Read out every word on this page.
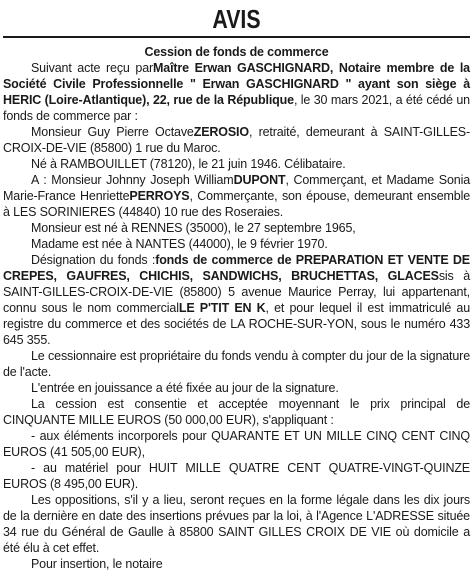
AVIS
Cession de fonds de commerce

Suivant acte reçu parMaître Erwan GASCHIGNARD, Notaire membre de la Société Civile Professionnelle " Erwan GASCHIGNARD " ayant son siège à HERIC (Loire-Atlantique), 22, rue de la République, le 30 mars 2021, a été cédé un fonds de commerce par :

Monsieur Guy Pierre OctaveZEROSIO, retraité, demeurant à SAINT-GILLES-CROIX-DE-VIE (85800) 1 rue du Maroc.

Né à RAMBOUILLET (78120), le 21 juin 1946. Célibataire.

A : Monsieur Johnny Joseph WilliamDUPONT, Commerçant, et Madame Sonia Marie-France HenriettePERROYS, Commerçante, son épouse, demeurant ensemble à LES SORINIERES (44840) 10 rue des Roseraies.

Monsieur est né à RENNES (35000), le 27 septembre 1965,

Madame est née à NANTES (44000), le 9 février 1970.

Désignation du fonds :fonds de commerce de PREPARATION ET VENTE DE CREPES, GAUFRES, CHICHIS, SANDWICHS, BRUCHETTAS, GLACESsis à SAINT-GILLES-CROIX-DE-VIE (85800) 5 avenue Maurice Perray, lui appartenant, connu sous le nom commercialLE P'TIT EN K, et pour lequel il est immatriculé au registre du commerce et des sociétés de LA ROCHE-SUR-YON, sous le numéro 433 645 355.

Le cessionnaire est propriétaire du fonds vendu à compter du jour de la signature de l'acte.

L'entrée en jouissance a été fixée au jour de la signature.

La cession est consentie et acceptée moyennant le prix principal de CINQUANTE MILLE EUROS (50 000,00 EUR), s'appliquant :

- aux éléments incorporels pour QUARANTE ET UN MILLE CINQ CENT CINQ EUROS (41 505,00 EUR),

- au matériel pour HUIT MILLE QUATRE CENT QUATRE-VINGT-QUINZE EUROS (8 495,00 EUR).

Les oppositions, s'il y a lieu, seront reçues en la forme légale dans les dix jours de la dernière en date des insertions prévues par la loi, à l'Agence L'ADRESSE située 34 rue du Général de Gaulle à 85800 SAINT GILLES CROIX DE VIE où domicile a été élu à cet effet.

Pour insertion, le notaire
